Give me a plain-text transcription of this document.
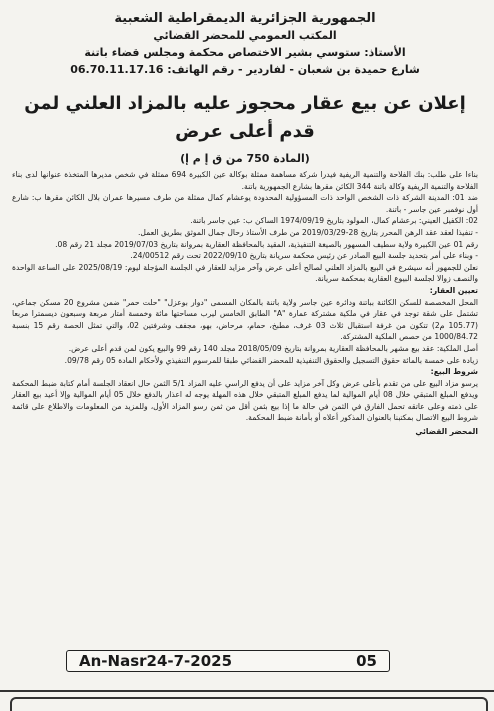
الجمهورية الجزائرية الديمقراطية الشعبية
المكتب العمومي للمحضر القضائي
الأستاذ: ستوسي بشير الاختصاص محكمة ومجلس قضاء باتنة
شارع حميدة بن شعبان - لفاردير - رقم الهاتف: 06.70.11.17.16
إعلان عن بيع عقار محجوز عليه بالمزاد العلني لمن قدم أعلى عرض
(المادة 750 من ق إ م إ)

بناءا على طلب: بنك الفلاحة والتنمية الريفية فيدرا شركة مساهمة ممثلة بوكالة عين الكبيرة 694 ممثلة في شخص مديرها المتخذة عنوانها لدى بناء الفلاحة والتنمية الريفية وكالة باتنة 344 الكائن مقرها بشارع الجمهورية باتنة.

ضد 01: المدينة الشركة ذات الشخص الواحد ذات المسؤولية المحدودة يوعشام كمال ممثلة من طرف مسيرها عمران بلال الكائن مقرها ب: شارع أول نوفمبر عين جاسر - باتنة.

02: الكفيل العيني: برعشام كمال، المولود بتاريخ 1974/09/19 الساكن ب: عين جاسر باتنة.

- تنفيذا لعقد عقد الرهن المحرر بتاريخ 28-2019/03/29 من طرف الأستاذ رحال جمال الموثق بطريق العمل.

رقم 01 عين الكبيرة ولاية سطيف المسهور بالصيغة التنفيذية، المقيد بالمحافظة العقارية بمروانة بتاريخ 2019/07/03 مجلد 21 رقم 08.

- وبناء على أمر بتحديد جلسة البيع الصادر عن رئيس محكمة سريانة بتاريخ 2022/09/10 تحت رقم 24/00512.

نعلن للجمهور أنه سيشرع في البيع بالمزاد العلني لصالح أعلى عرض وآخر مزايد للعقار في الجلسة المؤجلة ليوم: 2025/08/19 على الساعة الواحدة والنصف زوالا لجلسة البيوع العقارية بمحكمة سريانة.

تعيين العقار:

المحل المخصصة للسكن الكائنة بباتنة ودائرة عين جاسر ولاية باتنة بالمكان المسمى "دوار بوعزل" "حلت حمر" ضمن مشروع 20 مسكن جماعي، تشتمل على شقة توجد في عقار في ملكية مشتركة عمارة "A" الطابق الخامس ليرب مساحتها مائة وخمسة أمتار مربعة وسبعون ديسمترا مربعا (105.77 م2) تتكون من غرفة استقبال ثلاث 03 غرف، مطبخ، حمام، مرحاض، بهو، مجفف وشرفتين 02، والتي تمثل الحصة رقم 15 بنسبة 1000/84.72 من حصص الملكية المشتركة.

أصل الملكية: عقد بيع مشهر بالمحافظة العقارية بمروانة بتاريخ 2018/05/09 مجلد 140 رقم 99 والبيع يكون لمن قدم أعلى عرض.

زيادة على خمسة بالمائة حقوق التسجيل والحقوق التنفيذية للمحضر القضائي طبقا للمرسوم التنفيذي ولأحكام المادة 05 رقم 09/78.

شروط البيع:

يرسو مزاد البيع على من تقدم بأعلى عرض وكل آخر مزايد على أن يدفع الراسي عليه المزاد 5/1 الثمن حال انعقاد الجلسة أمام كتابة ضبط المحكمة ويدفع المبلغ المتبقي خلال 08 أيام الموالية لما يدفع المبلغ المتبقي خلال هذه المهلة يوجه له اعذار بالدفع خلال 05 أيام الموالية وإلا أعيد بيع العقار على ذمته وعلى عاتقه تحمل الفارق في الثمن في حالة ما إذا بيع بثمن أقل من ثمن رسو المزاد الأول، وللمزيد من المعلومات والاطلاع على قائمة شروط البيع الاتصال بمكتبنا بالعنوان المذكور أعلاه أو بأمانة ضبط المحكمة.

المحضر القضائي

An-Nasr24-7-2025	05
